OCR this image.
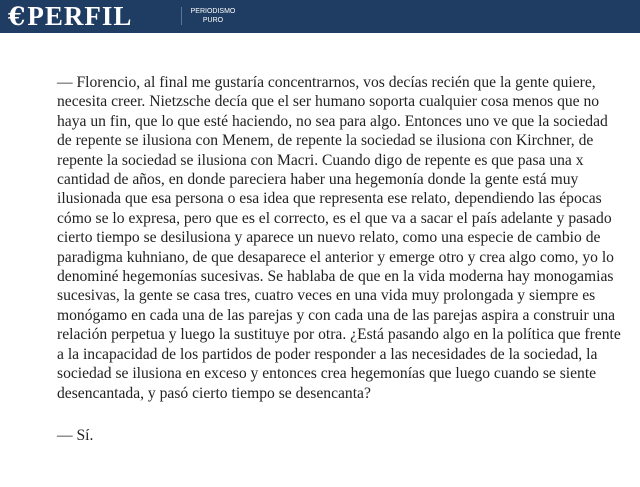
€ PERFIL	PERIODISMO
PURO

— Florencio, al final me gustaría concentrarnos, vos decías recién que la gente quiere, necesita creer. Nietzsche decía que el ser humano soporta cualquier cosa menos que no haya un fin, que lo que esté haciendo, no sea para algo. Entonces uno ve que la sociedad de repente se ilusiona con Menem, de repente la sociedad se ilusiona con Kirchner, de repente la sociedad se ilusiona con Macri. Cuando digo de repente es que pasa una x cantidad de años, en donde pareciera haber una hegemonía donde la gente está muy ilusionada que esa persona o esa idea que representa ese relato, dependiendo las épocas cómo se lo expresa, pero que es el correcto, es el que va a sacar el país adelante y pasado cierto tiempo se desilusiona y aparece un nuevo relato, como una especie de cambio de paradigma kuhniano, de que desaparece el anterior y emerge otro y crea algo como, yo lo denominé hegemonías sucesivas. Se hablaba de que en la vida moderna hay monogamias sucesivas, la gente se casa tres, cuatro veces en una vida muy prolongada y siempre es monógamo en cada una de las parejas y con cada una de las parejas aspira a construir una relación perpetua y luego la sustituye por otra. ¿Está pasando algo en la política que frente a la incapacidad de los partidos de poder responder a las necesidades de la sociedad, la sociedad se ilusiona en exceso y entonces crea hegemonías que luego cuando se siente desencantada, y pasó cierto tiempo se desencanta?

— Sí.
